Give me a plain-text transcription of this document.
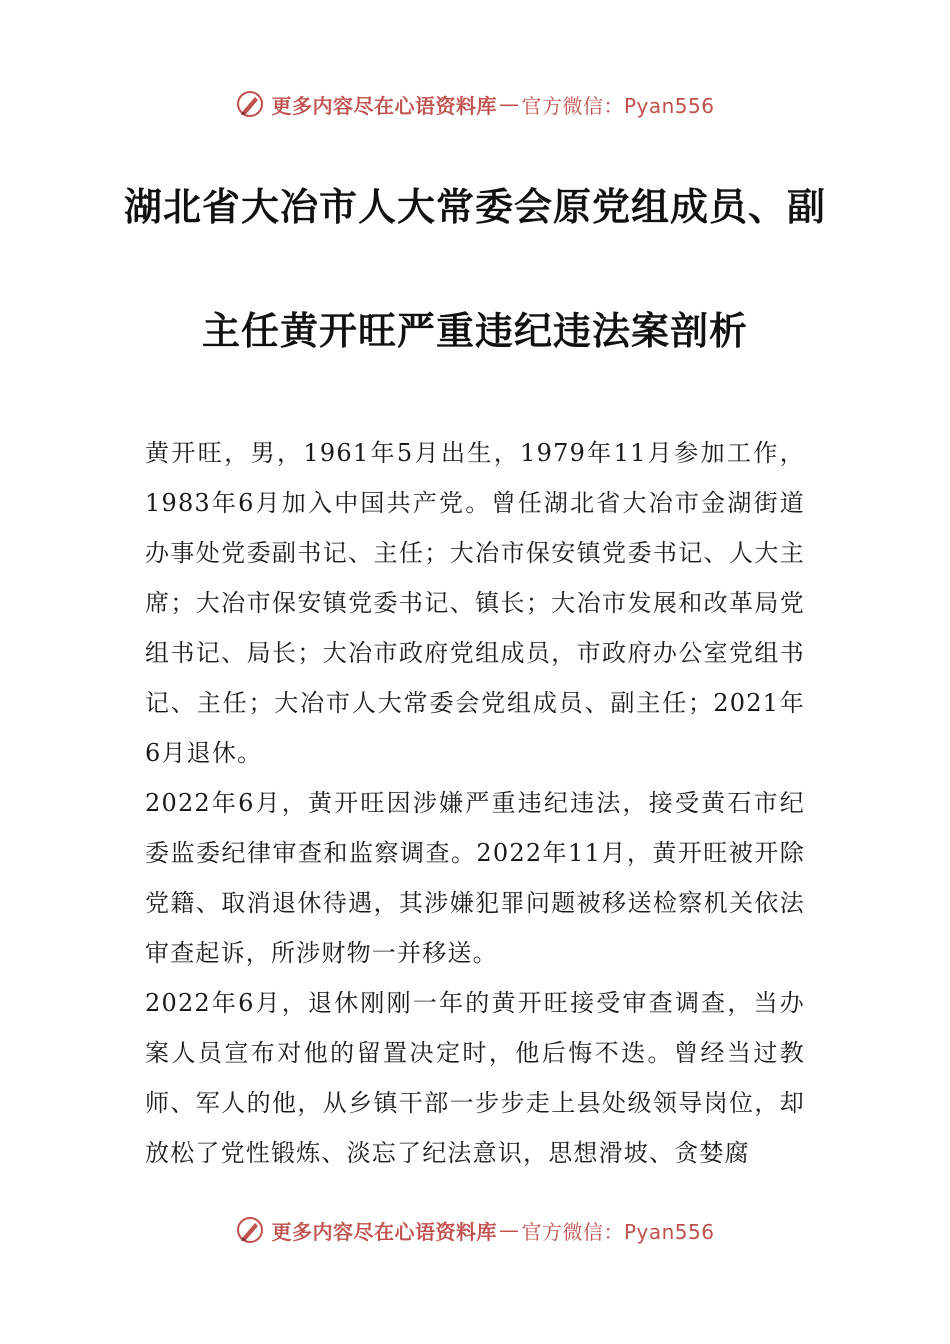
更多内容尽在心语资料库 — 官方微信：Pyan556
湖北省大冶市人大常委会原党组成员、副
主任黄开旺严重违纪违法案剖析

黄开旺，男，1961年5月出生，1979年11月参加工作，1983年6月加入中国共产党。曾任湖北省大冶市金湖街道办事处党委副书记、主任；大冶市保安镇党委书记、人大主席；大冶市保安镇党委书记、镇长；大冶市发展和改革局党组书记、局长；大冶市政府党组成员，市政府办公室党组书记、主任；大冶市人大常委会党组成员、副主任；2021年6月退休。

2022年6月，黄开旺因涉嫌严重违纪违法，接受黄石市纪委监委纪律审查和监察调查。2022年11月，黄开旺被开除党籍、取消退休待遇，其涉嫌犯罪问题被移送检察机关依法审查起诉，所涉财物一并移送。

2022年6月，退休刚刚一年的黄开旺接受审查调查，当办案人员宣布对他的留置决定时，他后悔不迭。曾经当过教师、军人的他，从乡镇干部一步步走上县处级领导岗位，却放松了党性锻炼、淡忘了纪法意识，思想滑坡、贪婪腐

更多内容尽在心语资料库 — 官方微信：Pyan556
